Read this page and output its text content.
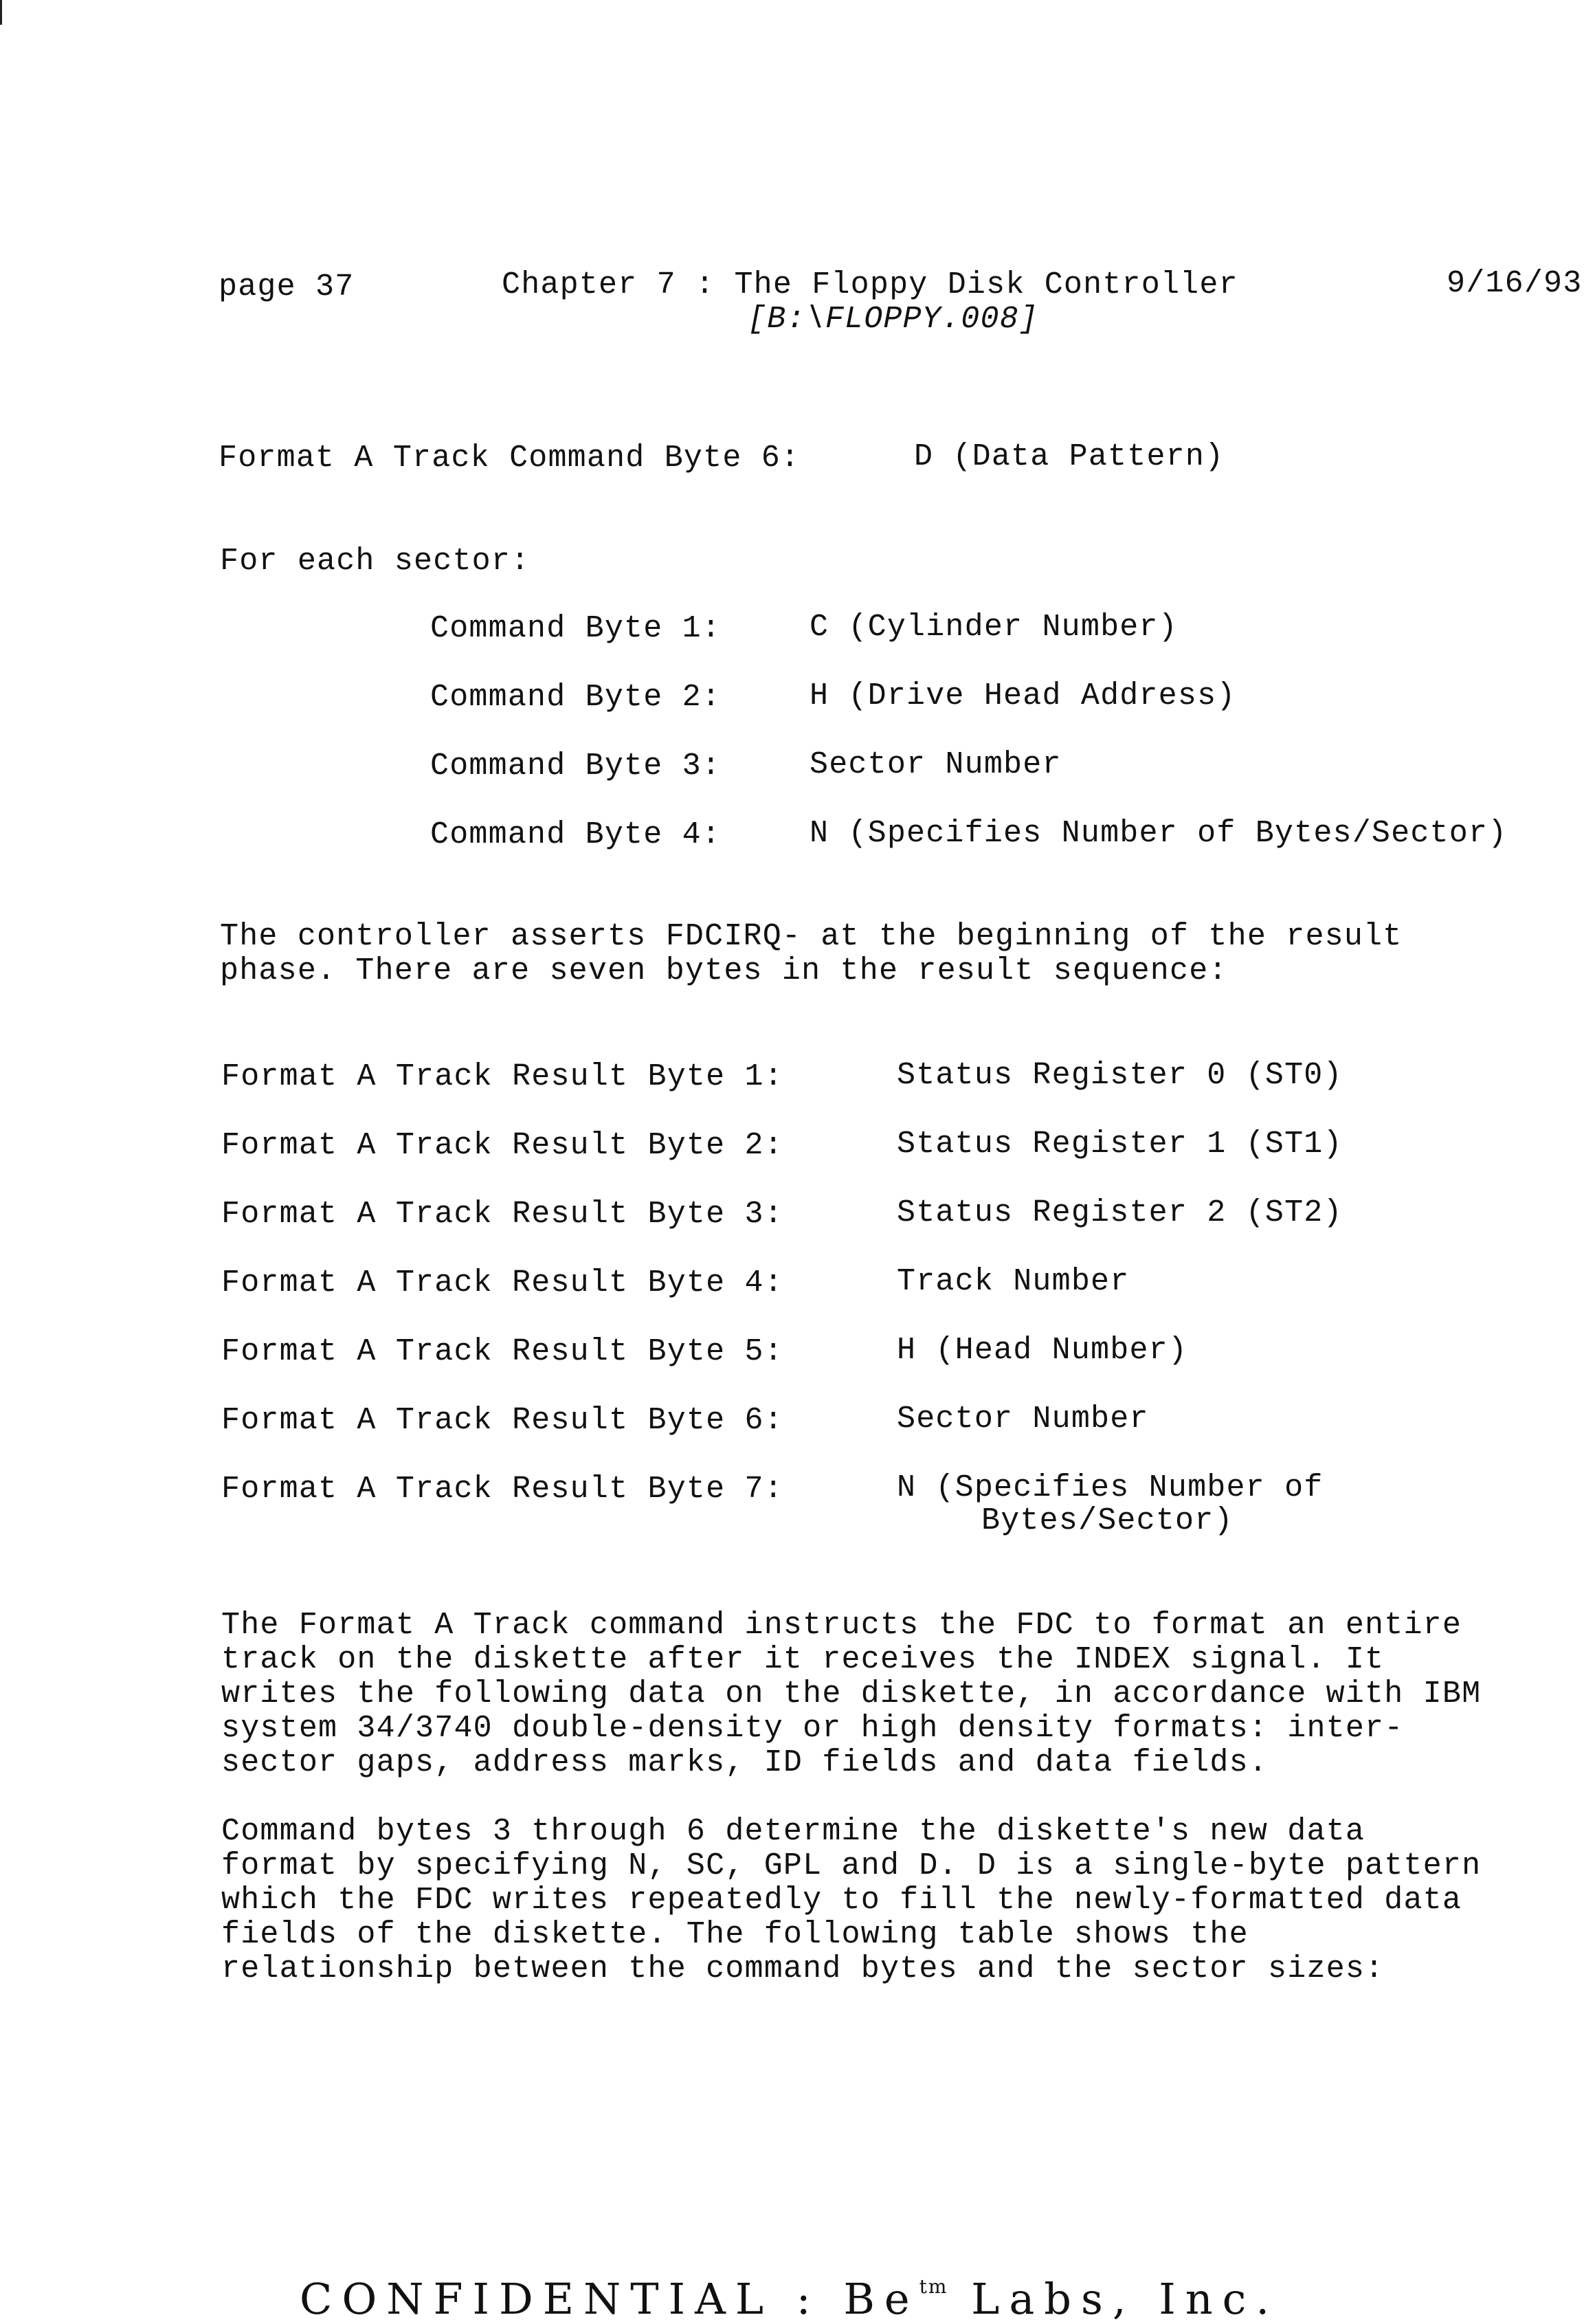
page 37	Chapter 7 : The Floppy Disk Controller	9/16/93
[B:\FLOPPY.008]
Format A Track Command Byte 6:	D (Data Pattern)
For each sector:
Command Byte 1:	C (Cylinder Number)
Command Byte 2:	H (Drive Head Address)
Command Byte 3:	Sector Number
Command Byte 4:	N (Specifies Number of Bytes/Sector)
The controller asserts FDCIRQ- at the beginning of the result
phase. There are seven bytes in the result sequence:
Format A Track Result Byte 1:	Status Register 0 (ST0)
Format A Track Result Byte 2:	Status Register 1 (ST1)
Format A Track Result Byte 3:	Status Register 2 (ST2)
Format A Track Result Byte 4:	Track Number
Format A Track Result Byte 5:	H (Head Number)
Format A Track Result Byte 6:	Sector Number
Format A Track Result Byte 7:	N (Specifies Number of
Bytes/Sector)
The Format A Track command instructs the FDC to format an entire
track on the diskette after it receives the INDEX signal. It
writes the following data on the diskette, in accordance with IBM
system 34/3740 double-density or high density formats: inter-
sector gaps, address marks, ID fields and data fields.
Command bytes 3 through 6 determine the diskette's new data
format by specifying N, SC, GPL and D. D is a single-byte pattern
which the FDC writes repeatedly to fill the newly-formatted data
fields of the diskette. The following table shows the
relationship between the command bytes and the sector sizes:
CONFIDENTIAL : $Be^{tm}$ Labs, Inc.
